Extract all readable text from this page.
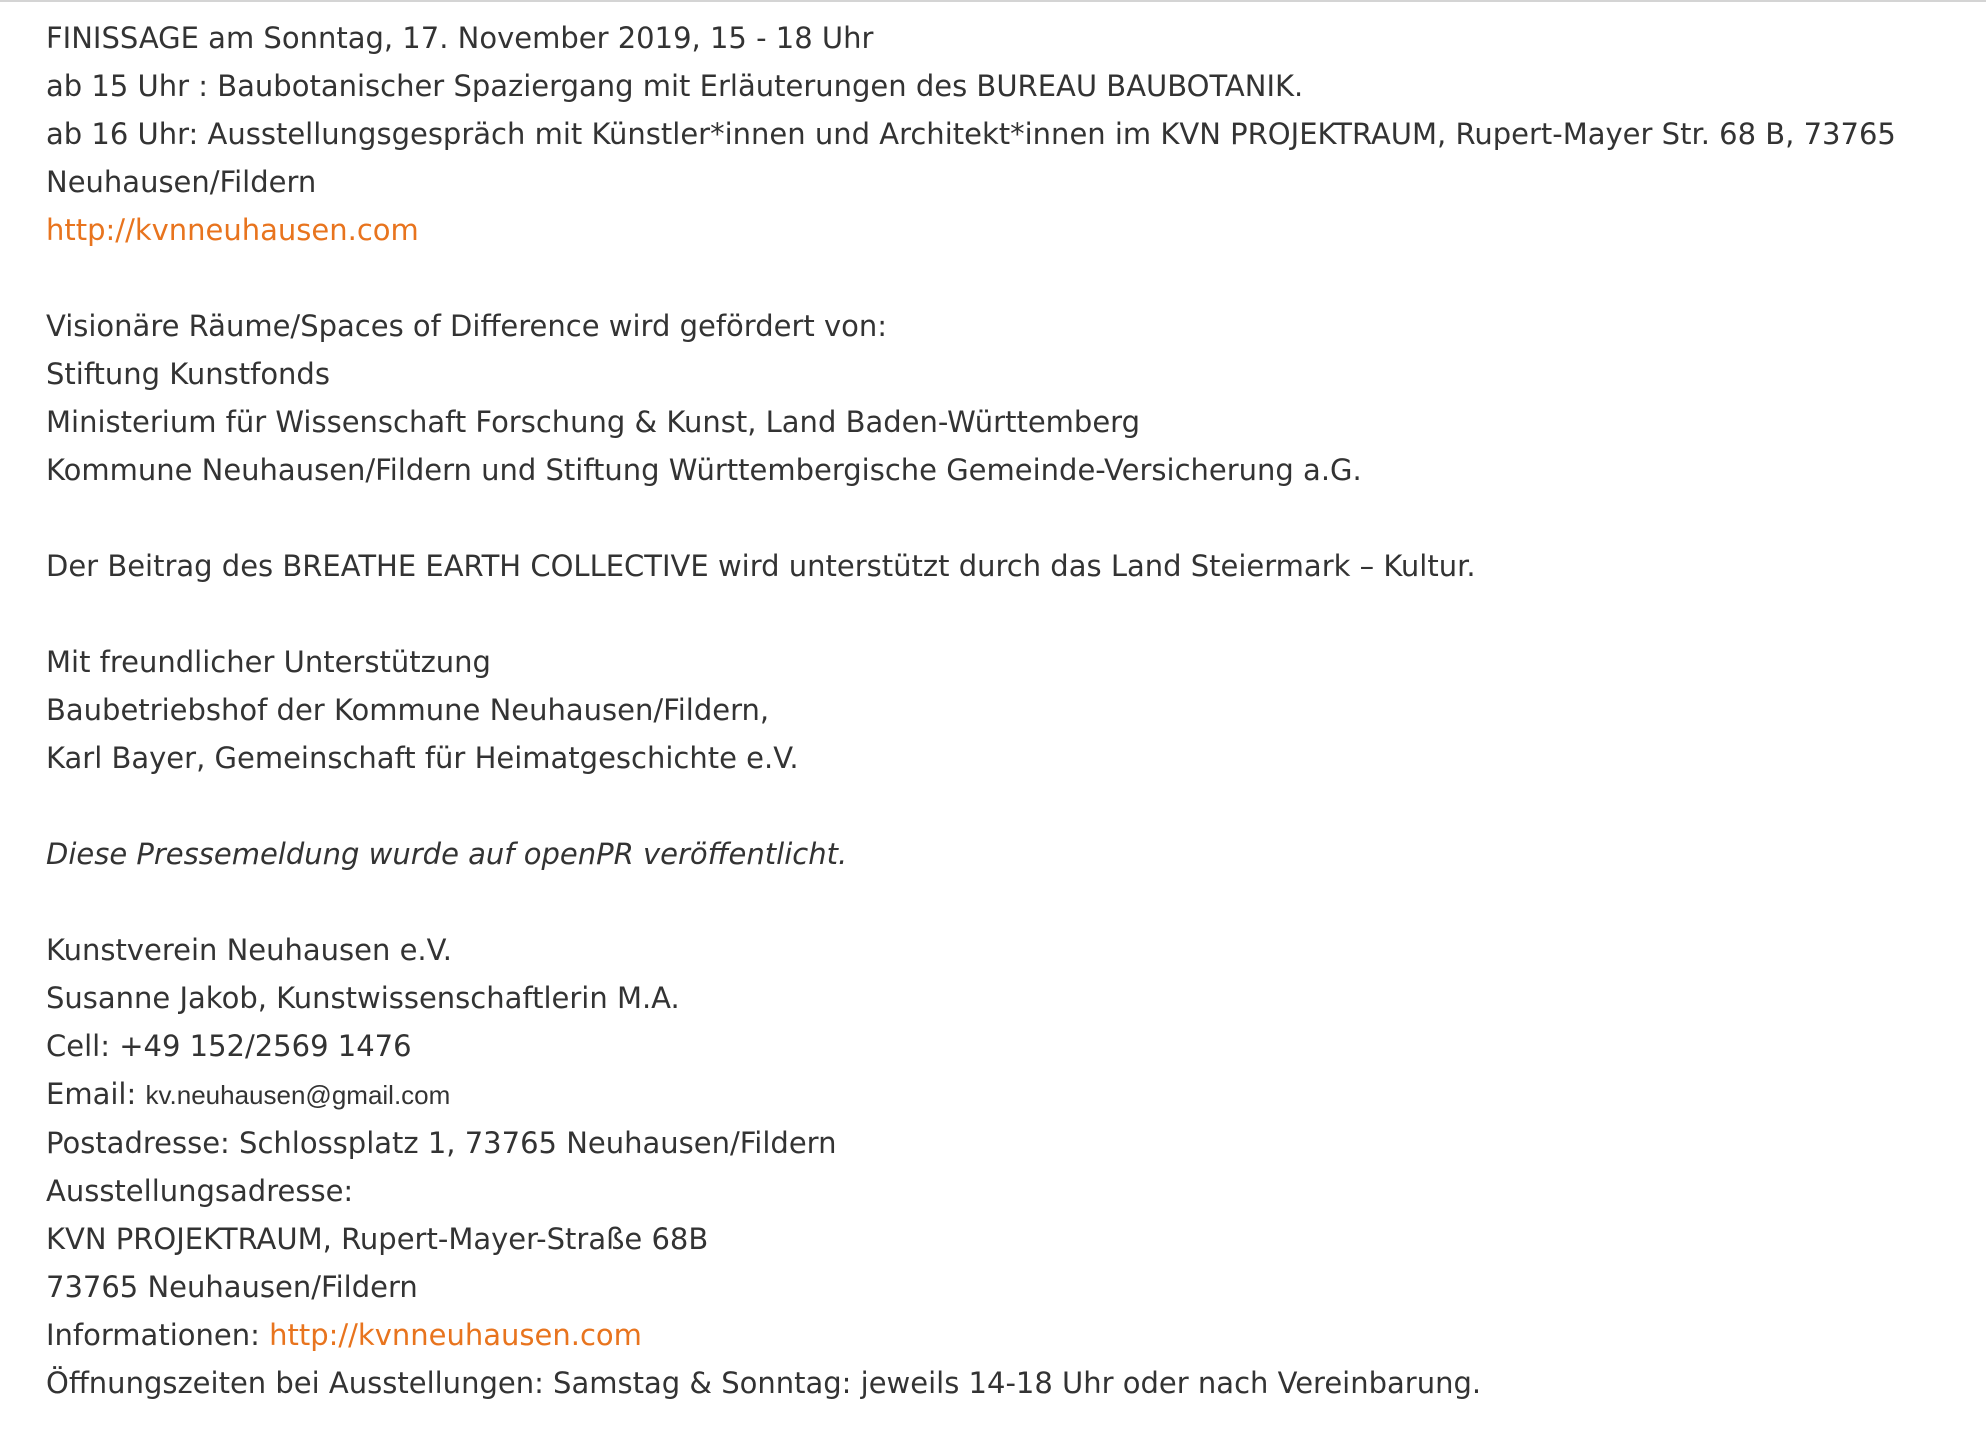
FINISSAGE am Sonntag, 17. November 2019, 15 - 18 Uhr
ab 15 Uhr : Baubotanischer Spaziergang mit Erläuterungen des BUREAU BAUBOTANIK.
ab 16 Uhr: Ausstellungsgespräch mit Künstler*innen und Architekt*innen im KVN PROJEKTRAUM, Rupert-Mayer Str. 68 B, 73765
Neuhausen/Fildern
http://kvnneuhausen.com
Visionäre Räume/Spaces of Difference wird gefördert von:
Stiftung Kunstfonds
Ministerium für Wissenschaft Forschung & Kunst, Land Baden-Württemberg
Kommune Neuhausen/Fildern und Stiftung Württembergische Gemeinde-Versicherung a.G.
Der Beitrag des BREATHE EARTH COLLECTIVE wird unterstützt durch das Land Steiermark – Kultur.
Mit freundlicher Unterstützung
Baubetriebshof der Kommune Neuhausen/Fildern,
Karl Bayer, Gemeinschaft für Heimatgeschichte e.V.
Diese Pressemeldung wurde auf openPR veröffentlicht.
Kunstverein Neuhausen e.V.
Susanne Jakob, Kunstwissenschaftlerin M.A.
Cell: +49 152/2569 1476
Email: kv.neuhausen@gmail.com
Postadresse: Schlossplatz 1, 73765 Neuhausen/Fildern
Ausstellungsadresse:
KVN PROJEKTRAUM, Rupert-Mayer-Straße 68B
73765 Neuhausen/Fildern
Informationen: http://kvnneuhausen.com
Öffnungszeiten bei Ausstellungen: Samstag & Sonntag: jeweils 14-18 Uhr oder nach Vereinbarung.
